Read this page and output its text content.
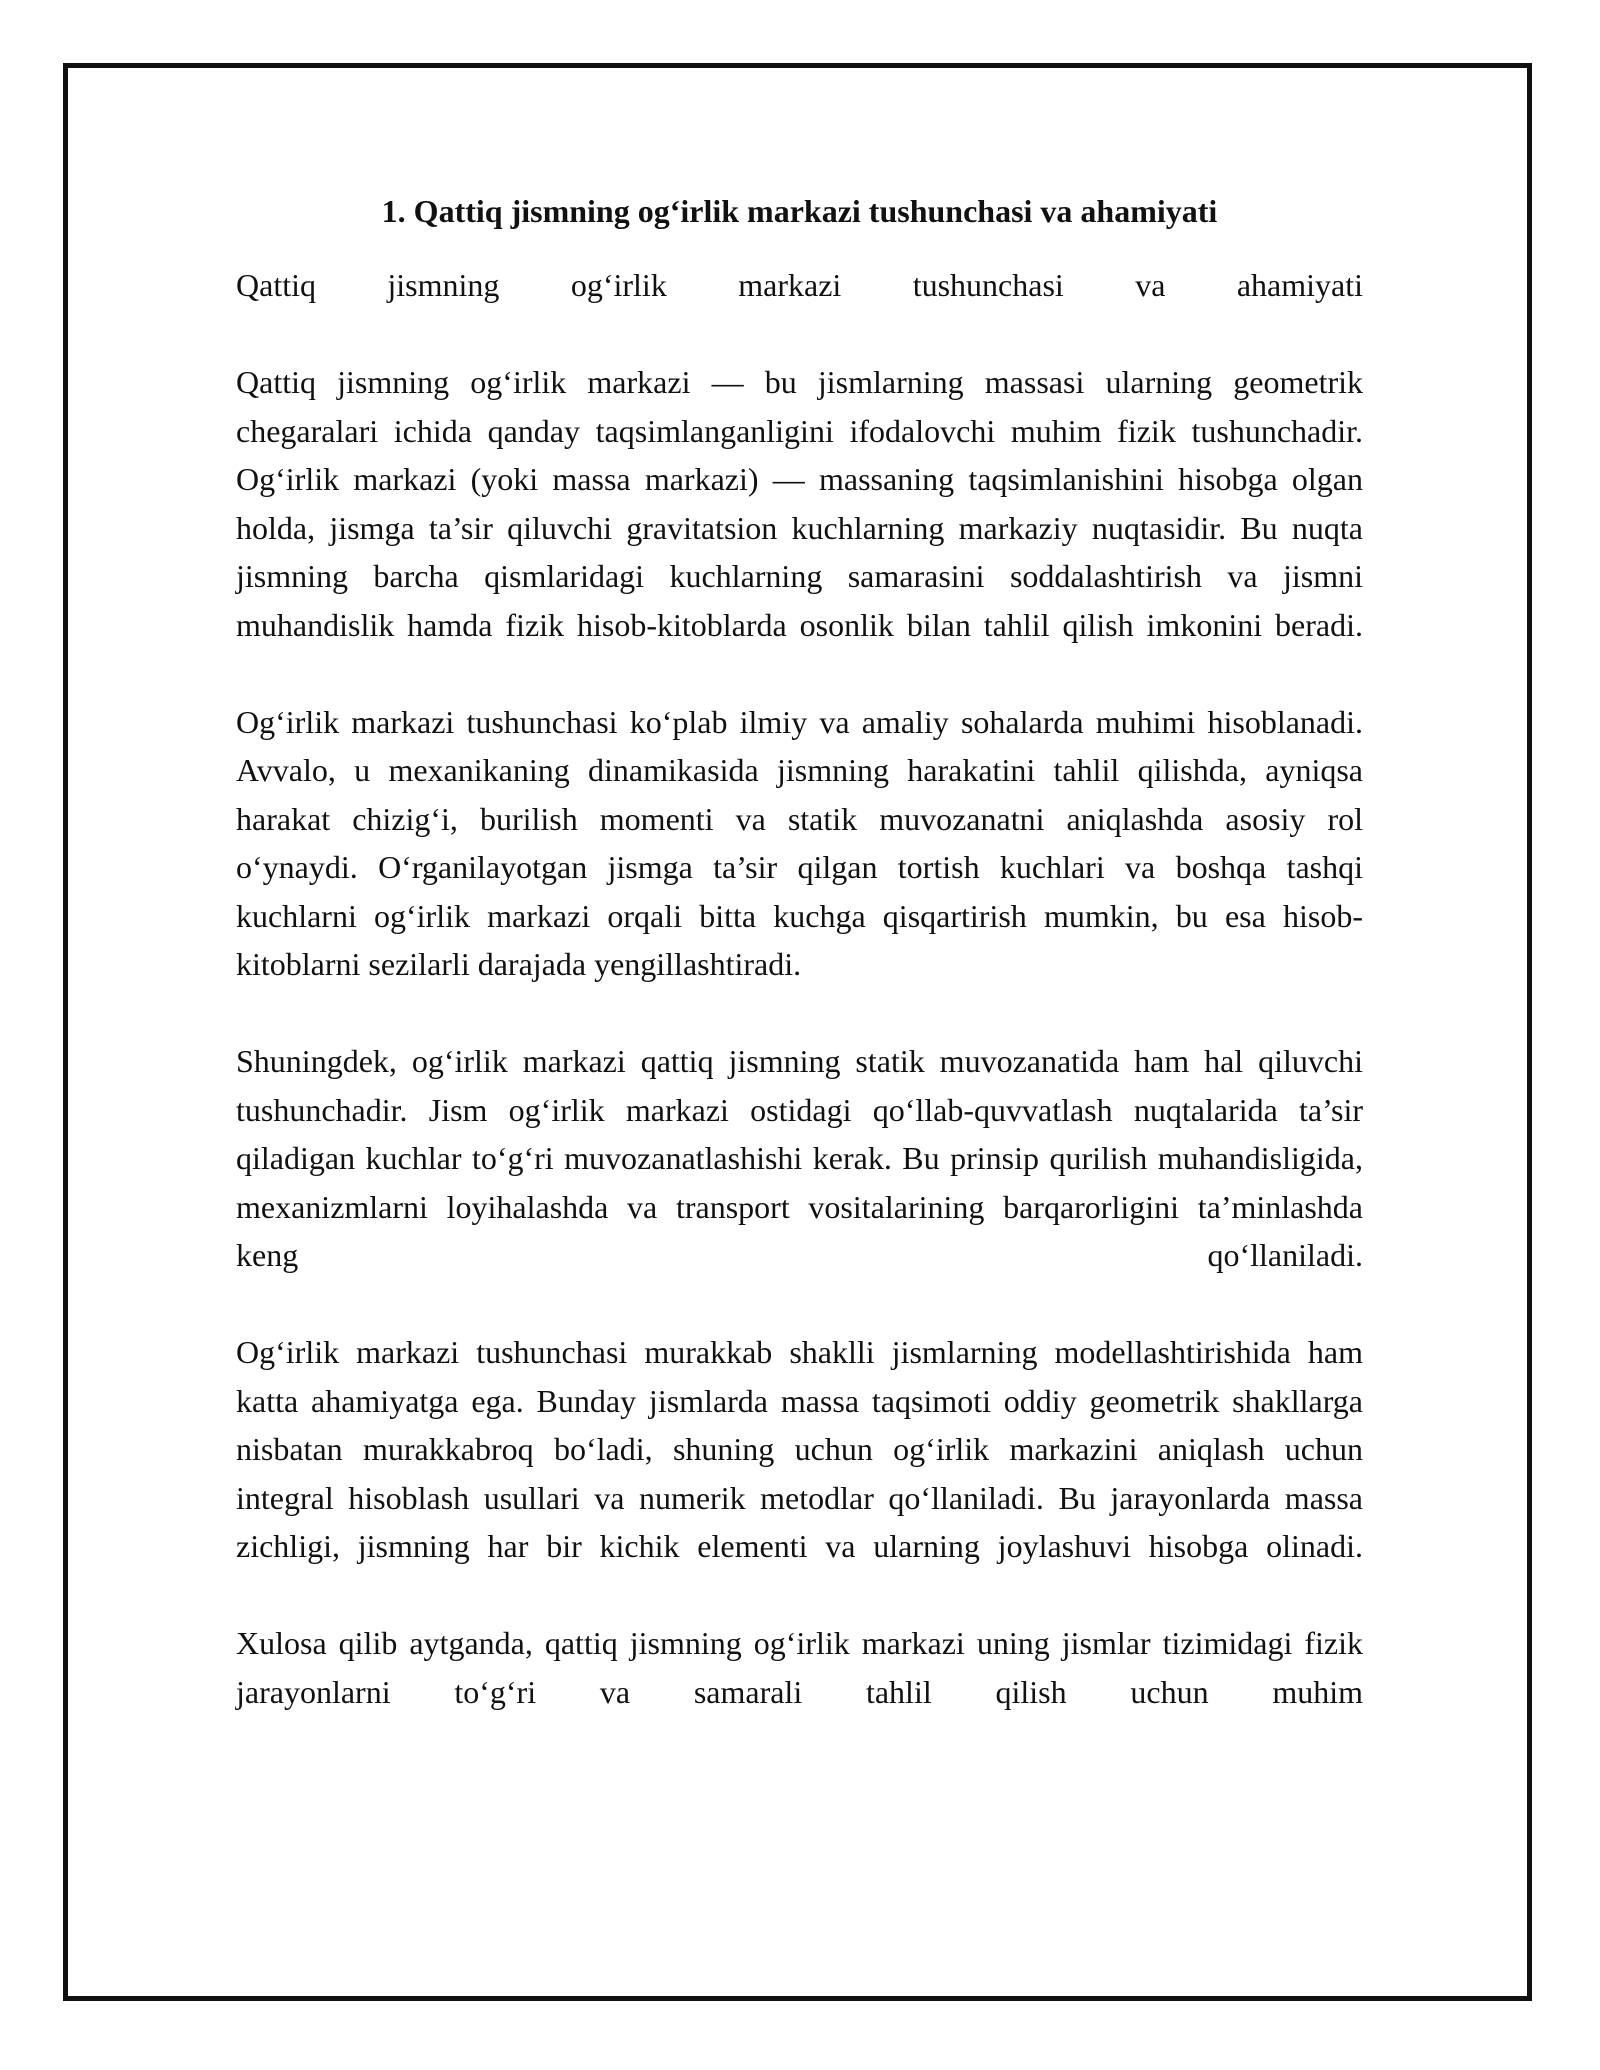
1. Qattiq jismning og‘irlik markazi tushunchasi va ahamiyati

Qattiq jismning og‘irlik markazi tushunchasi va ahamiyati

Qattiq jismning og‘irlik markazi — bu jismlarning massasi ularning geometrik chegaralari ichida qanday taqsimlanganligini ifodalovchi muhim fizik tushunchadir. Og‘irlik markazi (yoki massa markazi) — massaning taqsimlanishini hisobga olgan holda, jismga ta’sir qiluvchi gravitatsion kuchlarning markaziy nuqtasidir. Bu nuqta jismning barcha qismlaridagi kuchlarning samarasini soddalashtirish va jismni muhandislik hamda fizik hisob-kitoblarda osonlik bilan tahlil qilish imkonini beradi.

Og‘irlik markazi tushunchasi ko‘plab ilmiy va amaliy sohalarda muhimi hisoblanadi. Avvalo, u mexanikaning dinamikasida jismning harakatini tahlil qilishda, ayniqsa harakat chizig‘i, burilish momenti va statik muvozanatni aniqlashda asosiy rol o‘ynaydi. O‘rganilayotgan jismga ta’sir qilgan tortish kuchlari va boshqa tashqi kuchlarni og‘irlik markazi orqali bitta kuchga qisqartirish mumkin, bu esa hisob-kitoblarni sezilarli darajada yengillashtiradi.

Shuningdek, og‘irlik markazi qattiq jismning statik muvozanatida ham hal qiluvchi tushunchadir. Jism og‘irlik markazi ostidagi qo‘llab-quvvatlash nuqtalarida ta’sir qiladigan kuchlar to‘g‘ri muvozanatlashishi kerak. Bu prinsip qurilish muhandisligida, mexanizmlarni loyihalashda va transport vositalarining barqarorligini ta’minlashda keng qo‘llaniladi.

Og‘irlik markazi tushunchasi murakkab shaklli jismlarning modellashtirishida ham katta ahamiyatga ega. Bunday jismlarda massa taqsimoti oddiy geometrik shakllarga nisbatan murakkabroq bo‘ladi, shuning uchun og‘irlik markazini aniqlash uchun integral hisoblash usullari va numerik metodlar qo‘llaniladi. Bu jarayonlarda massa zichligi, jismning har bir kichik elementi va ularning joylashuvi hisobga olinadi.

Xulosa qilib aytganda, qattiq jismning og‘irlik markazi uning jismlar tizimidagi fizik jarayonlarni to‘g‘ri va samarali tahlil qilish uchun muhim
